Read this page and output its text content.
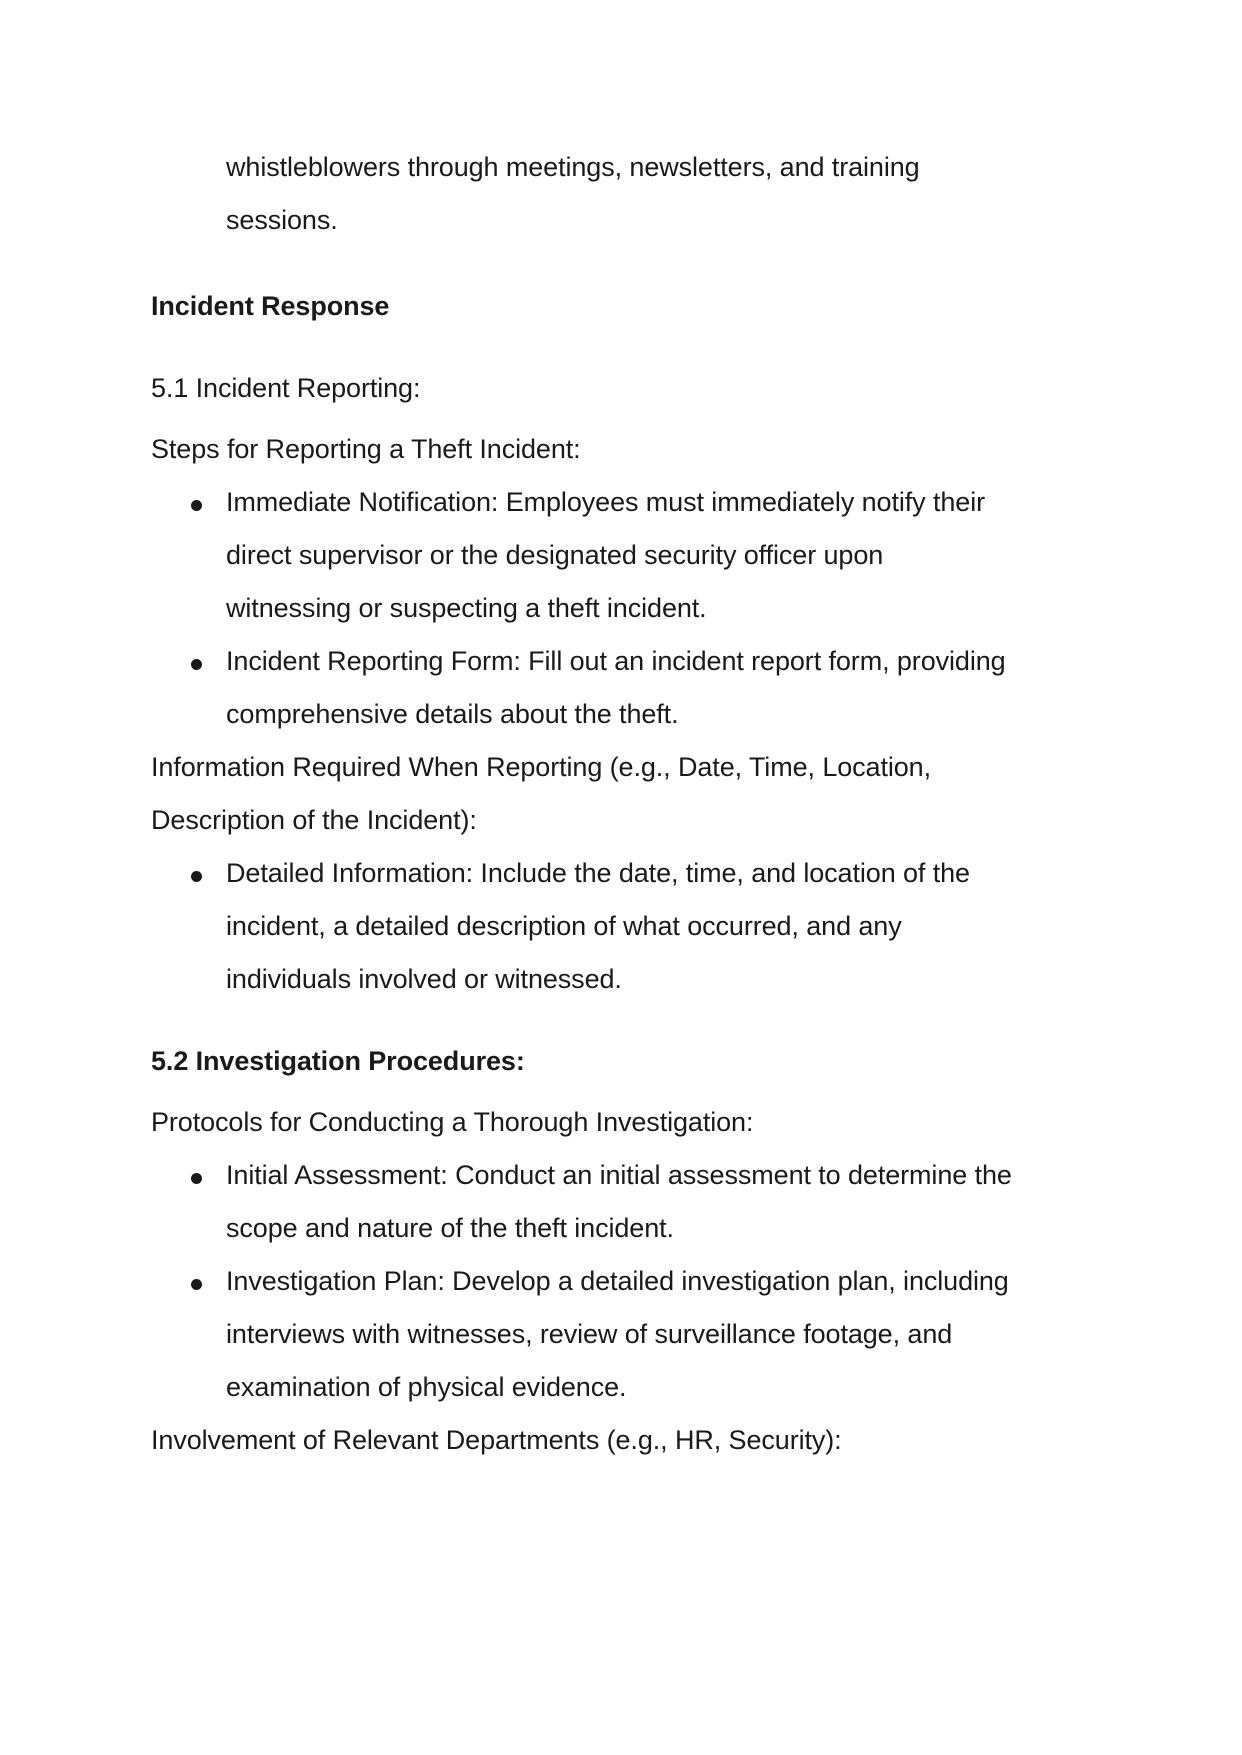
whistleblowers through meetings, newsletters, and training
sessions.
Incident Response
5.1 Incident Reporting:
Steps for Reporting a Theft Incident:
Immediate Notification: Employees must immediately notify their
direct supervisor or the designated security officer upon
witnessing or suspecting a theft incident.
Incident Reporting Form: Fill out an incident report form, providing
comprehensive details about the theft.
Information Required When Reporting (e.g., Date, Time, Location,
Description of the Incident):
Detailed Information: Include the date, time, and location of the
incident, a detailed description of what occurred, and any
individuals involved or witnessed.
5.2 Investigation Procedures:
Protocols for Conducting a Thorough Investigation:
Initial Assessment: Conduct an initial assessment to determine the
scope and nature of the theft incident.
Investigation Plan: Develop a detailed investigation plan, including
interviews with witnesses, review of surveillance footage, and
examination of physical evidence.
Involvement of Relevant Departments (e.g., HR, Security):
